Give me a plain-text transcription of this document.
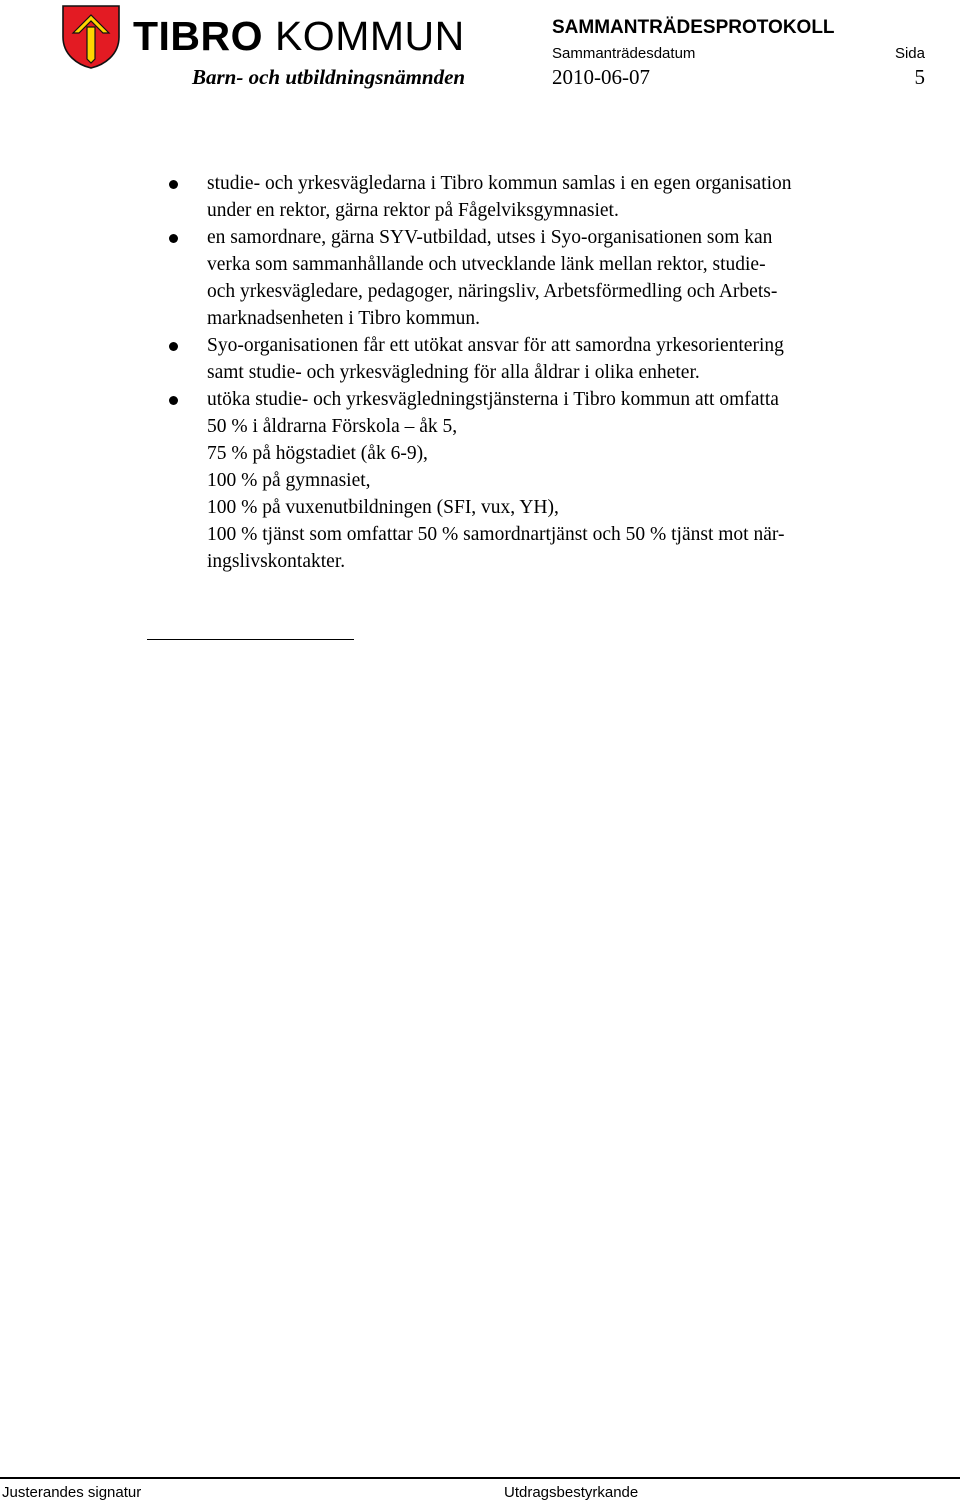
TIBRO KOMMUN
Barn- och utbildningsnämnden
SAMMANTRÄDESPROTOKOLL
Sammanträdesdatum	Sida
2010-06-07	5
studie- och yrkesvägledarna i Tibro kommun samlas i en egen organisation
under en rektor, gärna rektor på Fågelviksgymnasiet.
en samordnare, gärna SYV-utbildad, utses i Syo-organisationen som kan
verka som sammanhållande och utvecklande länk mellan rektor, studie-
och yrkesvägledare, pedagoger, näringsliv, Arbetsförmedling och Arbets-
marknadsenheten i Tibro kommun.
Syo-organisationen får ett utökat ansvar för att samordna yrkesorientering
samt studie- och yrkesvägledning för alla åldrar i olika enheter.
utöka studie- och yrkesvägledningstjänsterna i Tibro kommun att omfatta
50 % i åldrarna Förskola – åk 5,
75 % på högstadiet (åk 6-9),
100 % på gymnasiet,
100 % på vuxenutbildningen (SFI, vux, YH),
100 % tjänst som omfattar 50 % samordnartjänst och 50 % tjänst mot när-
ingslivskontakter.
Justerandes signatur	Utdragsbestyrkande
